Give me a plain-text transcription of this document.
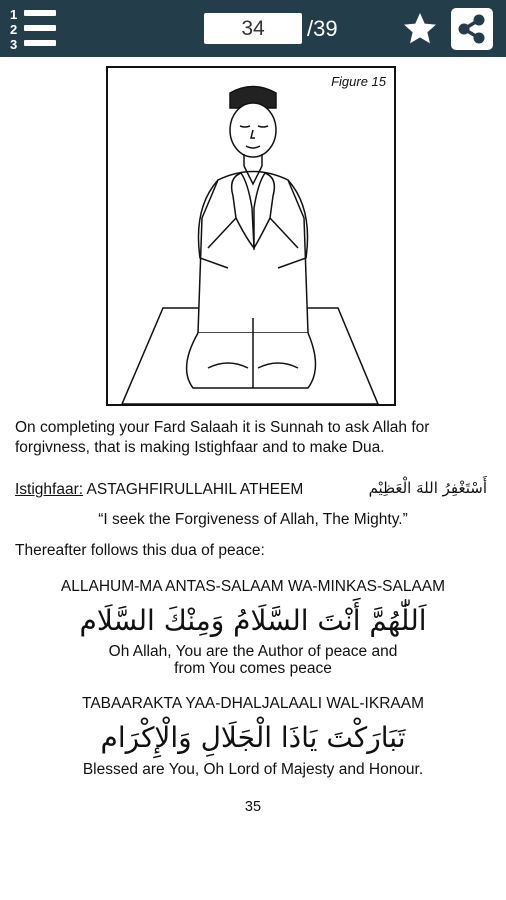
1
2
3
34
/39
Figure 15
On completing your Fard Salaah it is Sunnah to ask Allah for forgivness, that is making Istighfaar and to make Dua.
Istighfaar: ASTAGHFIRULLAHIL ATHEEM	أَسْتَغْفِرُ اللهَ الْعَظِيْم
“I seek the Forgiveness of Allah, The Mighty.”
Thereafter follows this dua of peace:
ALLAHUM-MA ANTAS-SALAAM WA-MINKAS-SALAAM
اَللّٰهُمَّ أَنْتَ السَّلَامُ وَمِنْكَ السَّلَام
Oh Allah, You are the Author of peace and
from You comes peace
TABAARAKTA YAA-DHALJALAALI WAL-IKRAAM
تَبَارَكْتَ يَاذَا الْجَلَالِ وَالْإِكْرَام
Blessed are You, Oh Lord of Majesty and Honour.
35
